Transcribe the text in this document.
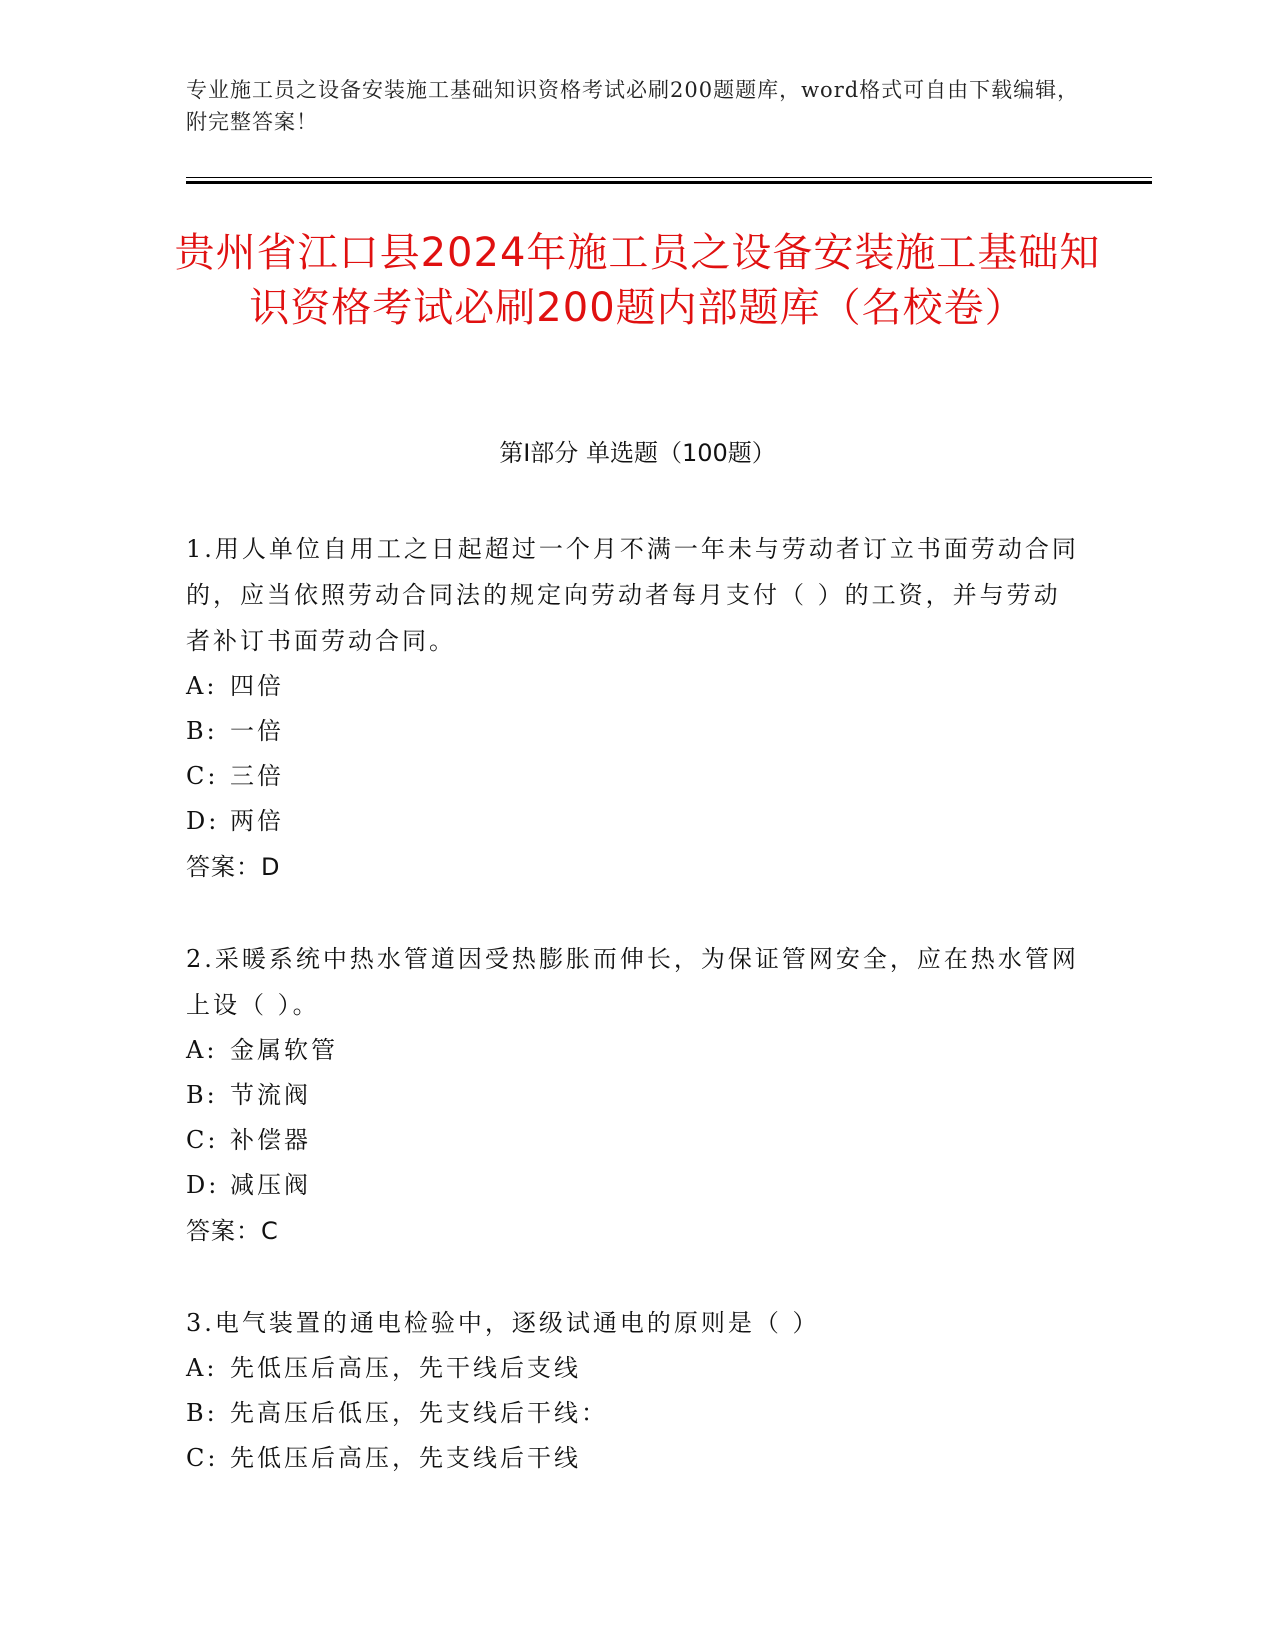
专业施工员之设备安装施工基础知识资格考试必刷200题题库，word格式可自由下载编辑，附完整答案！
贵州省江口县2024年施工员之设备安装施工基础知识资格考试必刷200题内部题库（名校卷）
第Ⅰ部分 单选题（100题）
1.用人单位自用工之日起超过一个月不满一年未与劳动者订立书面劳动合同的，应当依照劳动合同法的规定向劳动者每月支付（ ）的工资，并与劳动者补订书面劳动合同。
A: 四倍
B: 一倍
C: 三倍
D: 两倍
答案：D
2.采暖系统中热水管道因受热膨胀而伸长，为保证管网安全，应在热水管网上设（ ）。
A: 金属软管
B: 节流阀
C: 补偿器
D: 减压阀
答案：C
3.电气装置的通电检验中，逐级试通电的原则是（ ）
A: 先低压后高压，先干线后支线
B: 先高压后低压，先支线后干线：
C: 先低压后高压，先支线后干线
